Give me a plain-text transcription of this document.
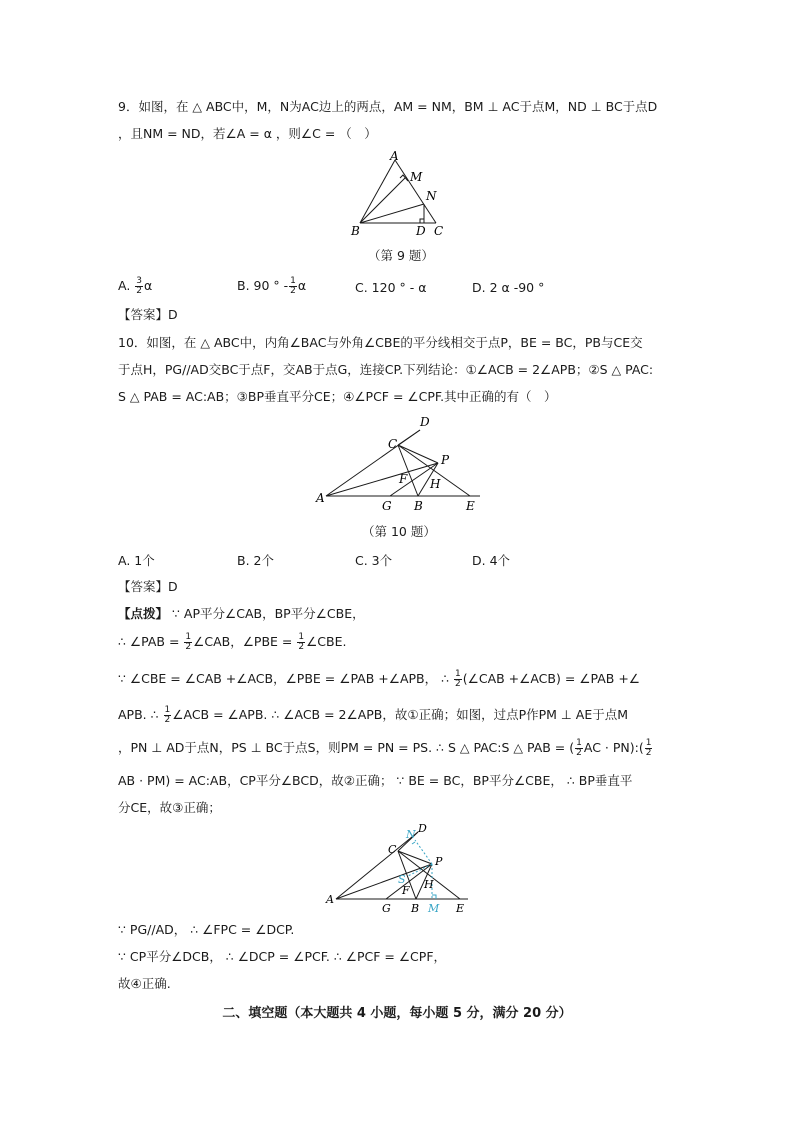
9．如图，在 △ ABC中，M，N为AC边上的两点，AM = NM，BM ⊥ AC于点M，ND ⊥ BC于点D
，且NM = ND，若∠A = α ，则∠C = （　）
A
M
N
B	D C
（第 9 题）
A. $\frac{3}{2}$ α	B. 90 ° - $\frac{1}{2}$ α	C. 120 ° - α	D. 2 α -90 °
【答案】D
10．如图，在 △ ABC中，内角∠BAC与外角∠CBE的平分线相交于点P，BE = BC，PB与CE交
于点H，PG//AD交BC于点F，交AB于点G，连接CP.下列结论：①∠ACB = 2∠APB；②S △ PAC:
S △ PAB = AC:AB；③BP垂直平分CE；④∠PCF = ∠CPF.其中正确的有（　）
C
D
P
F H
A
G B	E
（第 10 题）
A. 1个	B. 2个	C. 3个	D. 4个
【答案】D
【点拨】 ∵ AP平分∠CAB，BP平分∠CBE，
∴ ∠PAB = $\frac{1}{2}$ ∠CAB，∠PBE = $\frac{1}{2}$ ∠CBE.
∵ ∠CBE = ∠CAB +∠ACB，∠PBE = ∠PAB +∠APB， ∴ $\frac{1}{2}$ (∠CAB +∠ACB) = ∠PAB +∠
APB. ∴ $\frac{1}{2}$ ∠ACB = ∠APB. ∴ ∠ACB = 2∠APB，故①正确；如图，过点P作PM ⊥ AE于点M
，PN ⊥ AD于点N，PS ⊥ BC于点S，则PM = PN = PS. ∴ S △ PAC:S △ PAB = ( $\frac{1}{2}$ AC · PN):( $\frac{1}{2}$
AB · PM) = AC:AB，CP平分∠BCD，故②正确； ∵ BE = BC，BP平分∠CBE， ∴ BP垂直平
分CE，故③正确；
N D
C
P
S
F H
A
G B M E
∵ PG//AD， ∴ ∠FPC = ∠DCP.
∵ CP平分∠DCB， ∴ ∠DCP = ∠PCF. ∴ ∠PCF = ∠CPF，
故④正确.
二、填空题（本大题共 4 小题，每小题 5 分，满分 20 分）
